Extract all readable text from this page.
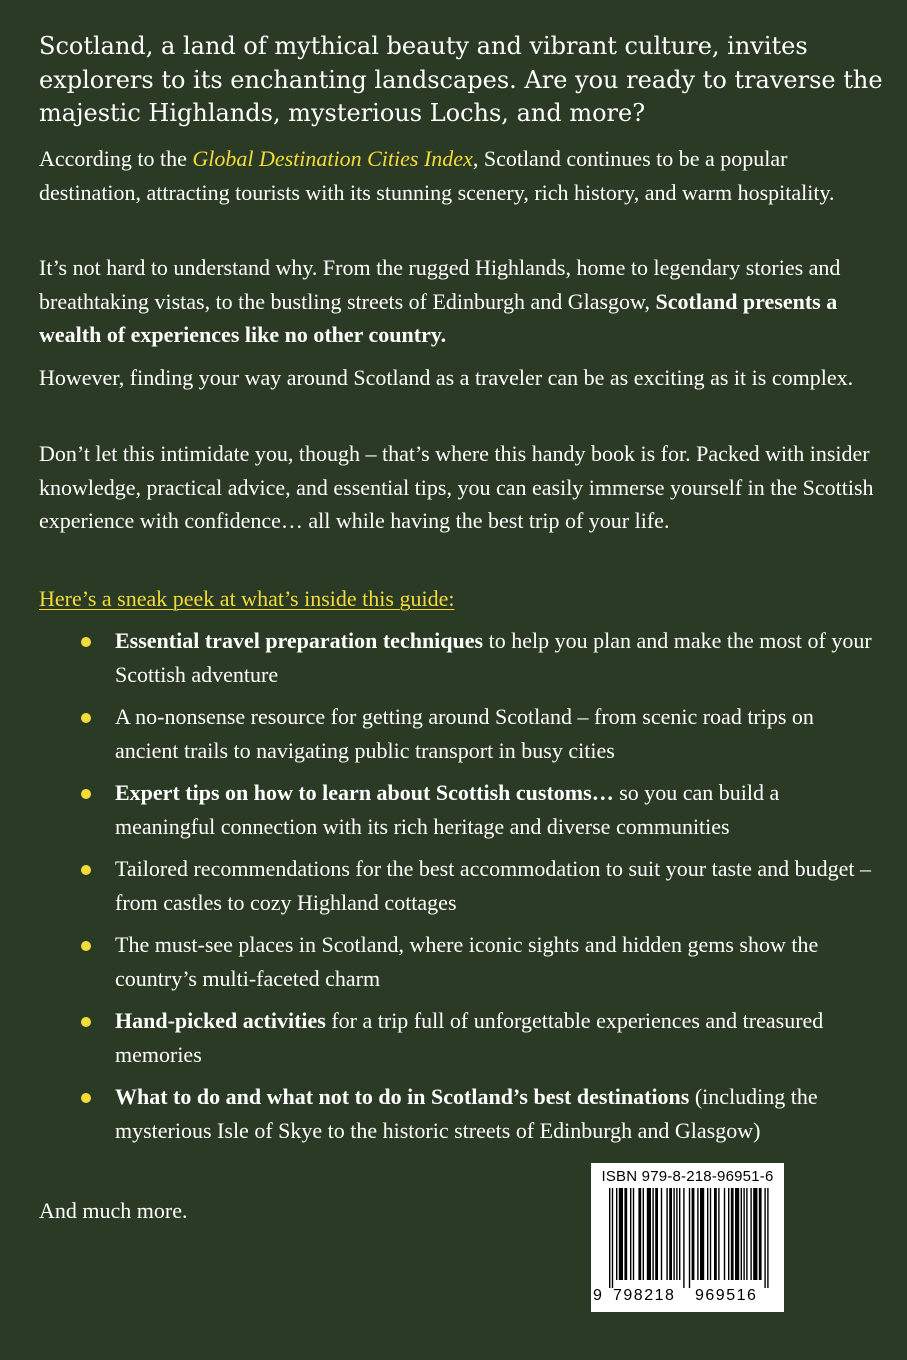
Scotland, a land of mythical beauty and vibrant culture, invites explorers to its enchanting landscapes. Are you ready to traverse the majestic Highlands, mysterious Lochs, and more?

According to the Global Destination Cities Index, Scotland continues to be a popular destination, attracting tourists with its stunning scenery, rich history, and warm hospitality.

It’s not hard to understand why. From the rugged Highlands, home to legendary stories and breathtaking vistas, to the bustling streets of Edinburgh and Glasgow, Scotland presents a wealth of experiences like no other country.

However, finding your way around Scotland as a traveler can be as exciting as it is complex.

Don’t let this intimidate you, though – that’s where this handy book is for. Packed with insider knowledge, practical advice, and essential tips, you can easily immerse yourself in the Scottish experience with confidence… all while having the best trip of your life.

Here’s a sneak peek at what’s inside this guide:

Essential travel preparation techniques to help you plan and make the most of your Scottish adventure
A no-nonsense resource for getting around Scotland – from scenic road trips on ancient trails to navigating public transport in busy cities
Expert tips on how to learn about Scottish customs… so you can build a meaningful connection with its rich heritage and diverse communities
Tailored recommendations for the best accommodation to suit your taste and budget – from castles to cozy Highland cottages
The must-see places in Scotland, where iconic sights and hidden gems show the country’s multi-faceted charm
Hand-picked activities for a trip full of unforgettable experiences and treasured memories
What to do and what not to do in Scotland’s best destinations (including the mysterious Isle of Skye to the historic streets of Edinburgh and Glasgow)

And much more.

ISBN 979-8-218-96951-6
9 798218 969516
